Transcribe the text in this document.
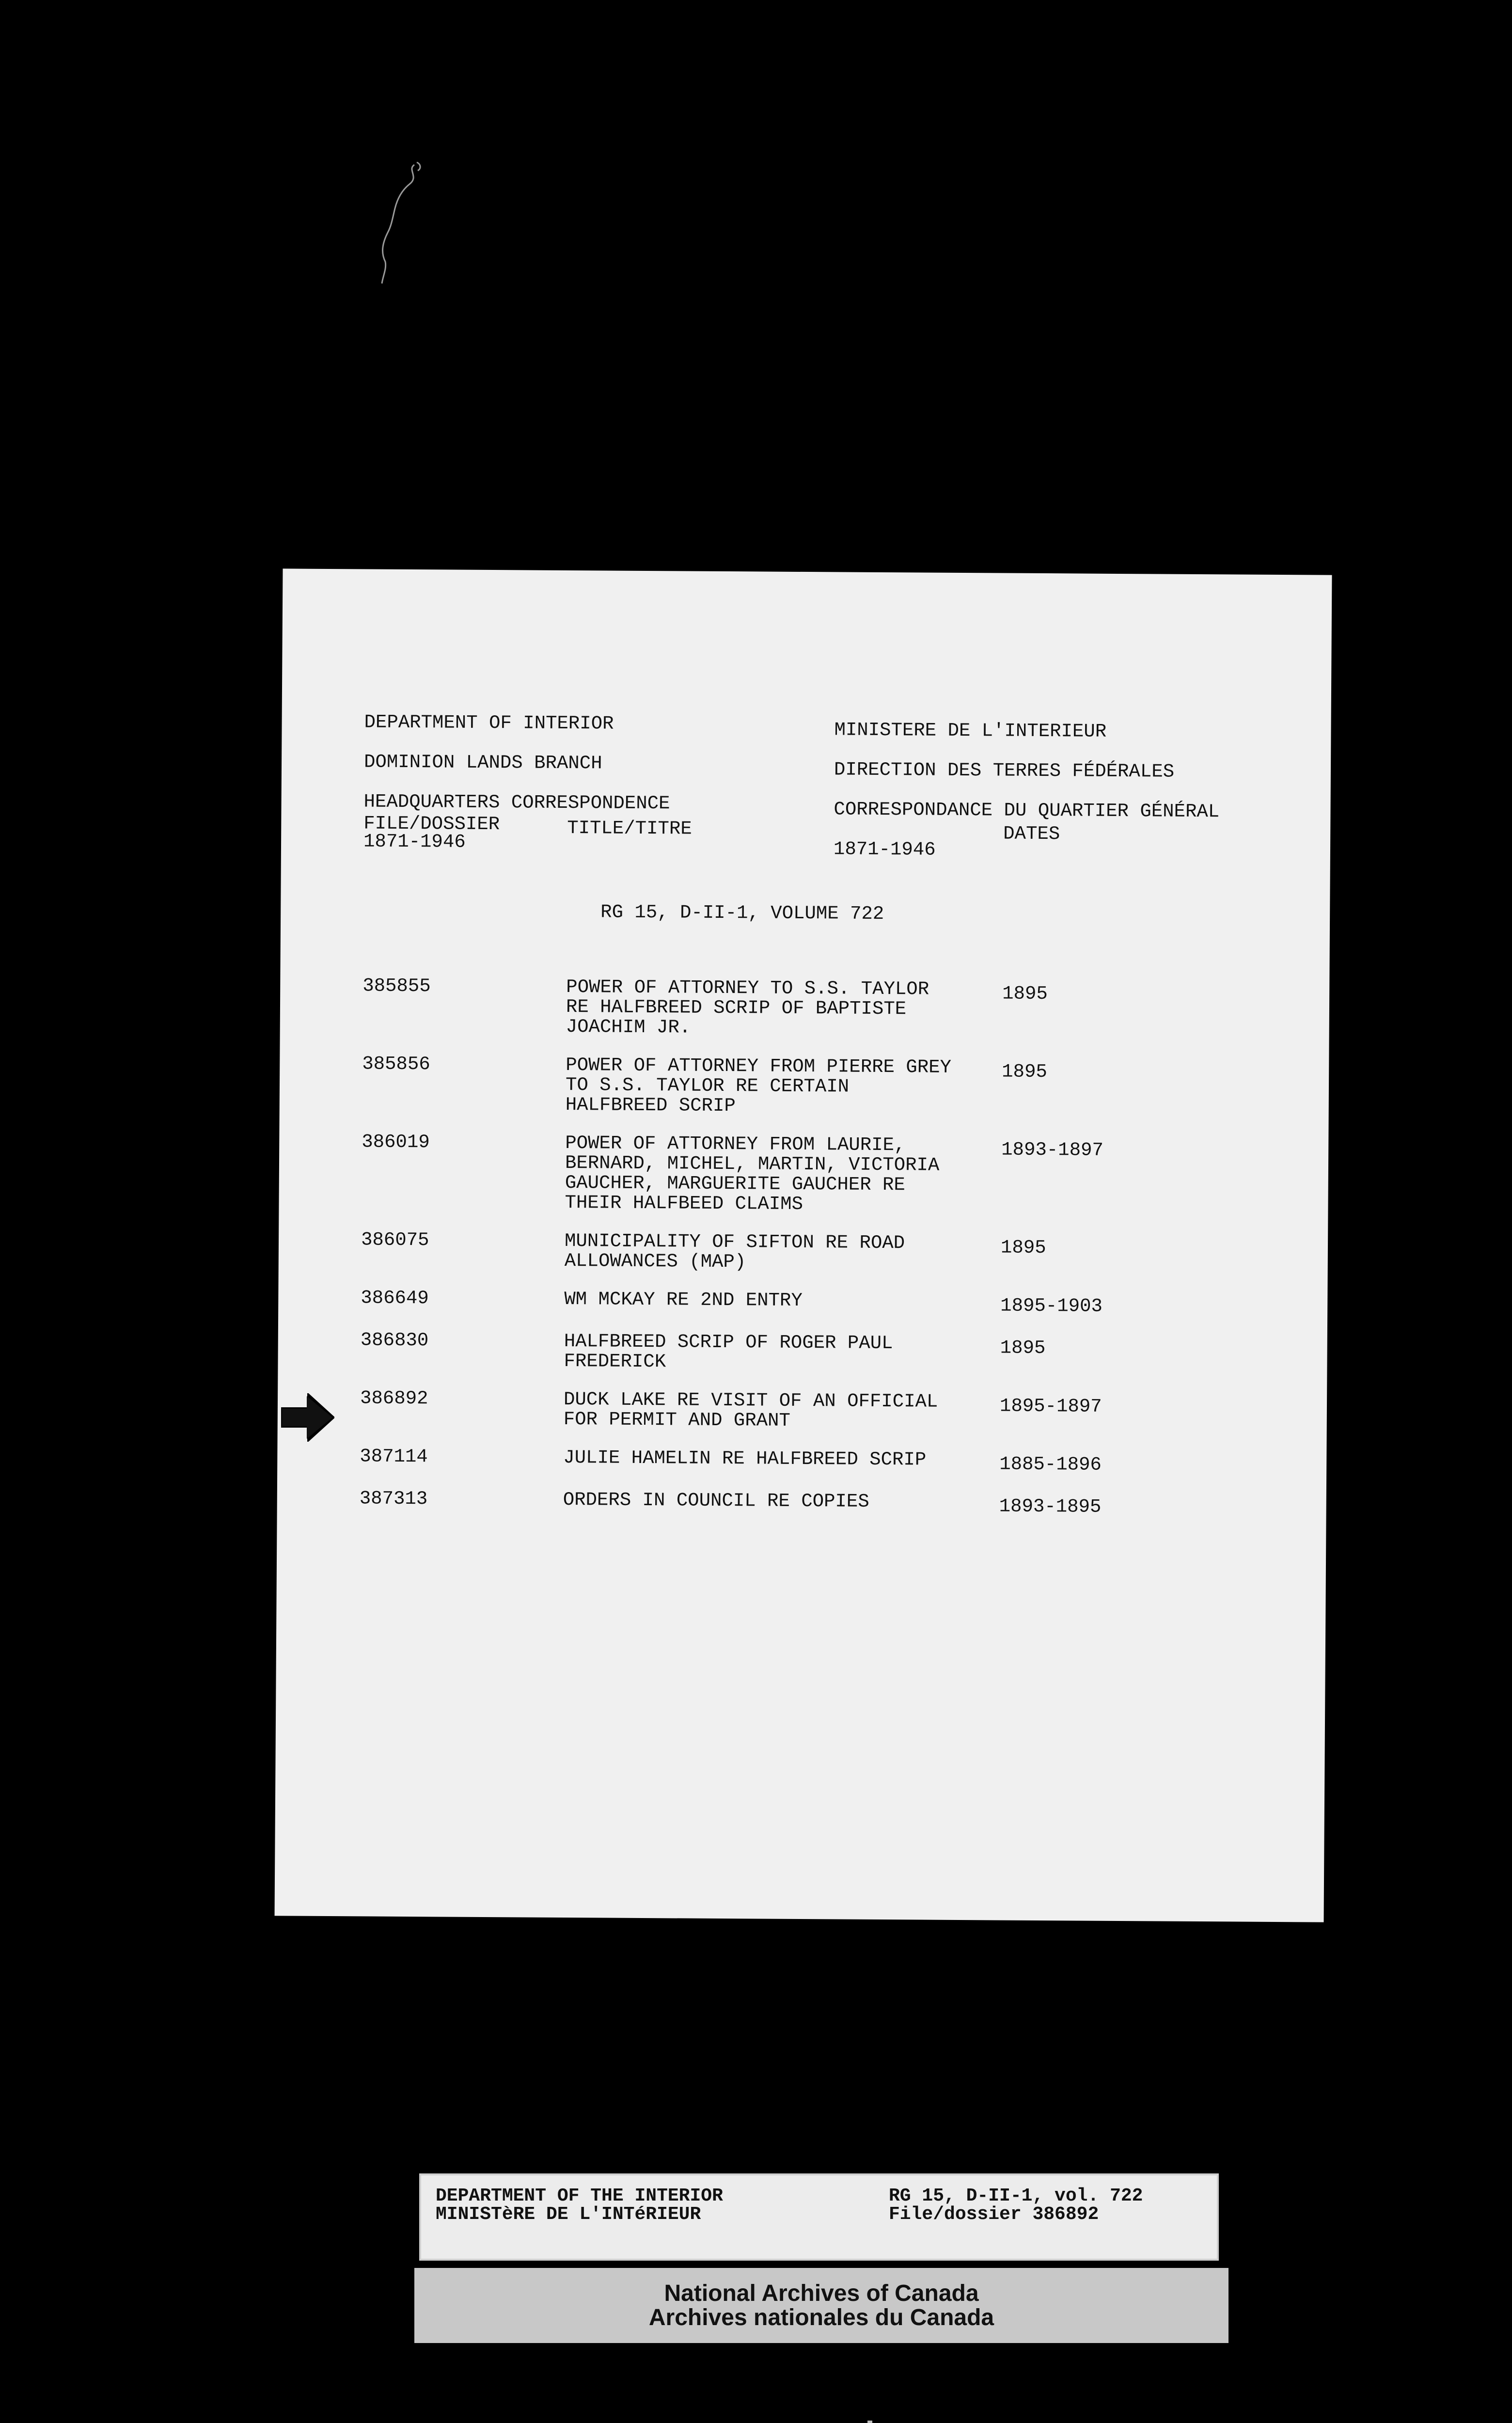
DEPARTMENT OF INTERIOR

DOMINION LANDS BRANCH

HEADQUARTERS CORRESPONDENCE

1871-1946

MINISTERE DE L'INTERIEUR

DIRECTION DES TERRES FÉDÉRALES

CORRESPONDANCE DU QUARTIER GÉNÉRAL

1871-1946

FILE/DOSSIER	TITLE/TITRE	DATES
RG 15, D-II-1, VOLUME 722
385855	POWER OF ATTORNEY TO S.S. TAYLOR
RE HALFBREED SCRIP OF BAPTISTE
JOACHIM JR.
1895
385856	POWER OF ATTORNEY FROM PIERRE GREY
TO S.S. TAYLOR RE CERTAIN
HALFBREED SCRIP
1895
386019	POWER OF ATTORNEY FROM LAURIE,
BERNARD, MICHEL, MARTIN, VICTORIA
GAUCHER, MARGUERITE GAUCHER RE
THEIR HALFBEED CLAIMS
1893-1897
386075	MUNICIPALITY OF SIFTON RE ROAD
ALLOWANCES (MAP)
1895
386649	WM MCKAY RE 2ND ENTRY	1895-1903
386830	HALFBREED SCRIP OF ROGER PAUL
FREDERICK
1895
386892	DUCK LAKE RE VISIT OF AN OFFICIAL
FOR PERMIT AND GRANT
1895-1897
387114	JULIE HAMELIN RE HALFBREED SCRIP	1885-1896
387313	ORDERS IN COUNCIL RE COPIES	1893-1895
DEPARTMENT OF THE INTERIOR
MINISTèRE DE L'INTéRIEUR
RG 15, D-II-1, vol. 722
File/dossier 386892
National Archives of Canada
Archives nationales du Canada
